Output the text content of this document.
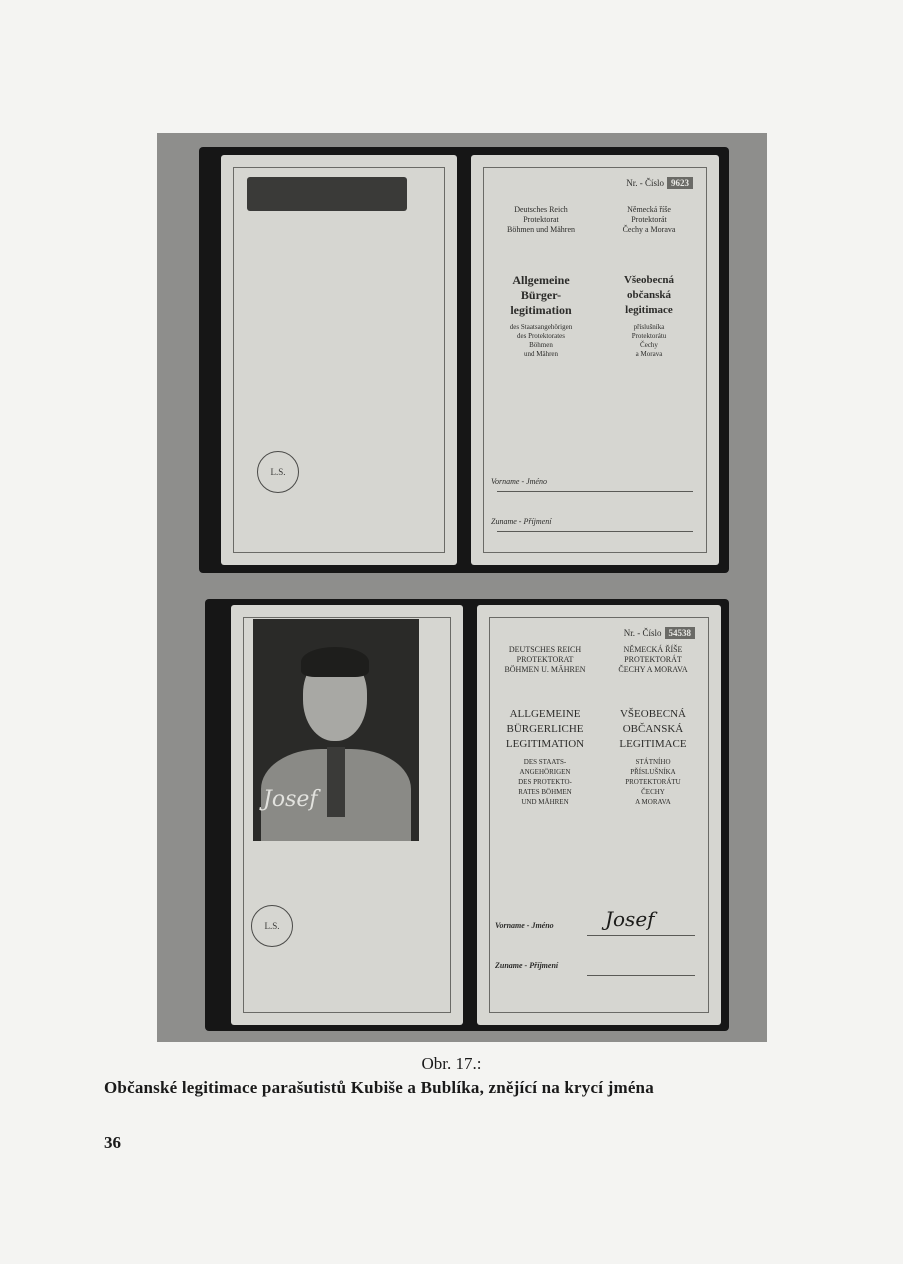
L.S.
Nr. - Číslo 9623
Deutsches Reich
Protektorat
Böhmen und Mähren
Německá říše
Protektorát
Čechy a Morava
Allgemeine
Bürger-
legitimation
Všeobecná
občanská
legitimace
des Staatsangehörigen
des Protektorates
Böhmen
und Mähren
příslušníka
Protektorátu
Čechy
a Morava
Vorname - Jméno
Zuname - Příjmení
Josef
L.S.
Nr. - Číslo 54538
DEUTSCHES REICH
PROTEKTORAT
BÖHMEN U. MÄHREN
NĚMECKÁ ŘÍŠE
PROTEKTORÁT
ČECHY A MORAVA
ALLGEMEINE
BÜRGERLICHE
LEGITIMATION
VŠEOBECNÁ
OBČANSKÁ
LEGITIMACE
DES STAATS-
ANGEHÖRIGEN
DES PROTEKTO-
RATES BÖHMEN
UND MÄHREN
STÁTNÍHO
PŘÍSLUŠNÍKA
PROTEKTORÁTU
ČECHY
A MORAVA
Vorname - Jméno	Josef
Zuname - Příjmení
Obr. 17.:
Občanské legitimace parašutistů Kubiše a Bublíka, znějící na krycí jména
36
